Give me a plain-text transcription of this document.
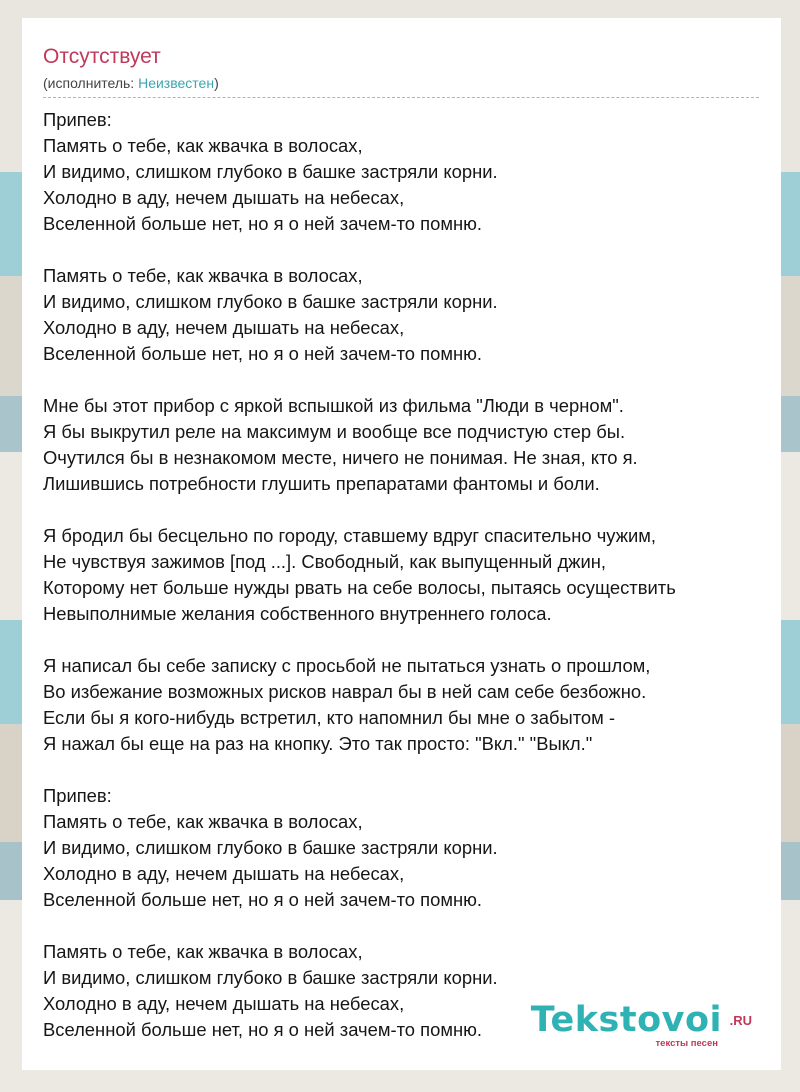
Отсутствует
(исполнитель: Неизвестен)
Припев:
Память о тебе, как жвачка в волосах,
И видимо, слишком глубоко в башке застряли корни.
Холодно в аду, нечем дышать на небесах,
Вселенной больше нет, но я о ней зачем-то помню.
Память о тебе, как жвачка в волосах,
И видимо, слишком глубоко в башке застряли корни.
Холодно в аду, нечем дышать на небесах,
Вселенной больше нет, но я о ней зачем-то помню.
Мне бы этот прибор с яркой вспышкой из фильма "Люди в черном".
Я бы выкрутил реле на максимум и вообще все подчистую стер бы.
Очутился бы в незнакомом месте, ничего не понимая. Не зная, кто я.
Лишившись потребности глушить препаратами фантомы и боли.
Я бродил бы бесцельно по городу, ставшему вдруг спасительно чужим,
Не чувствуя зажимов [под ...]. Свободный, как выпущенный джин,
Которому нет больше нужды рвать на себе волосы, пытаясь осуществить
Невыполнимые желания собственного внутреннего голоса.
Я написал бы себе записку с просьбой не пытаться узнать о прошлом,
Во избежание возможных рисков наврал бы в ней сам себе безбожно.
Если бы я кого-нибудь встретил, кто напомнил бы мне о забытом -
Я нажал бы еще на раз на кнопку. Это так просто: "Вкл." "Выкл."
Припев:
Память о тебе, как жвачка в волосах,
И видимо, слишком глубоко в башке застряли корни.
Холодно в аду, нечем дышать на небесах,
Вселенной больше нет, но я о ней зачем-то помню.
Память о тебе, как жвачка в волосах,
И видимо, слишком глубоко в башке застряли корни.
Холодно в аду, нечем дышать на небесах,
Вселенной больше нет, но я о ней зачем-то помню.	Tekstovoi .RU
тексты песен
